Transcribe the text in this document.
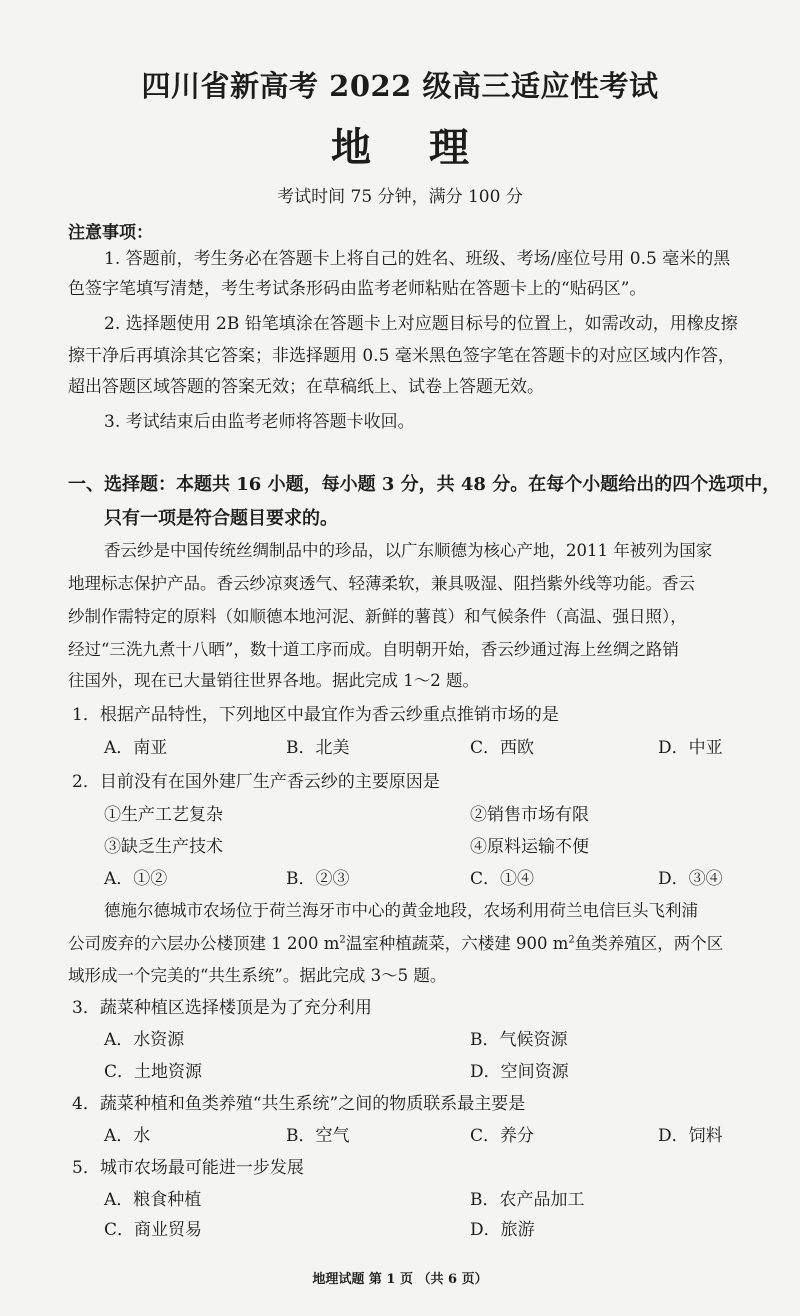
四川省新高考 2022 级高三适应性考试
地 理
考试时间 75 分钟，满分 100 分
注意事项：
1. 答题前，考生务必在答题卡上将自己的姓名、班级、考场/座位号用 0.5 毫米的黑
色签字笔填写清楚，考生考试条形码由监考老师粘贴在答题卡上的“贴码区”。
2. 选择题使用 2B 铅笔填涂在答题卡上对应题目标号的位置上，如需改动，用橡皮擦
擦干净后再填涂其它答案；非选择题用 0.5 毫米黑色签字笔在答题卡的对应区域内作答，
超出答题区域答题的答案无效；在草稿纸上、试卷上答题无效。
3. 考试结束后由监考老师将答题卡收回。
一、选择题：本题共 16 小题，每小题 3 分，共 48 分。在每个小题给出的四个选项中，
只有一项是符合题目要求的。
香云纱是中国传统丝绸制品中的珍品，以广东顺德为核心产地，2011 年被列为国家
地理标志保护产品。香云纱凉爽透气、轻薄柔软，兼具吸湿、阻挡紫外线等功能。香云
纱制作需特定的原料（如顺德本地河泥、新鲜的薯莨）和气候条件（高温、强日照），
经过“三洗九煮十八晒”，数十道工序而成。自明朝开始，香云纱通过海上丝绸之路销
往国外，现在已大量销往世界各地。据此完成 1～2 题。
1．根据产品特性，下列地区中最宜作为香云纱重点推销市场的是
A．南亚	B．北美	C．西欧	D．中亚
2．目前没有在国外建厂生产香云纱的主要原因是
①生产工艺复杂	②销售市场有限
③缺乏生产技术	④原料运输不便
A．①②	B．②③	C．①④	D．③④
德施尔德城市农场位于荷兰海牙市中心的黄金地段，农场利用荷兰电信巨头飞利浦
公司废弃的六层办公楼顶建 1 200 $m^2$温室种植蔬菜，六楼建 900 $m^2$鱼类养殖区，两个区
域形成一个完美的“共生系统”。据此完成 3～5 题。
3．蔬菜种植区选择楼顶是为了充分利用
A．水资源	B．气候资源
C．土地资源	D．空间资源
4．蔬菜种植和鱼类养殖“共生系统”之间的物质联系最主要是
A．水	B．空气	C．养分	D．饲料
5．城市农场最可能进一步发展
A．粮食种植	B．农产品加工
C．商业贸易	D．旅游
地理试题 第 1 页 （共 6 页）
